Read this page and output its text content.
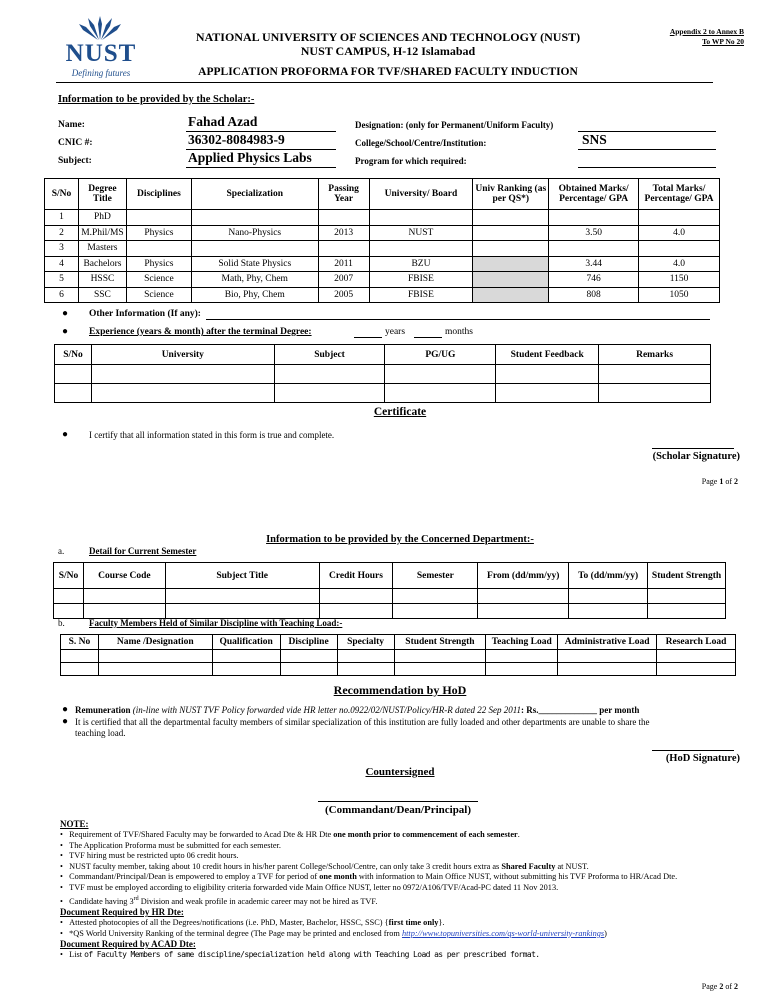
NUST
Defining futures
Appendix 2 to Annex B
To WP No 20
NATIONAL UNIVERSITY OF SCIENCES AND TECHNOLOGY (NUST)
NUST CAMPUS, H-12 Islamabad
APPLICATION PROFORMA FOR TVF/SHARED FACULTY INDUCTION
Information to be provided by the Scholar:-
Name:	Fahad Azad
CNIC #:	36302-8084983-9
Subject:	Applied Physics Labs
Designation: (only for Permanent/Uniform Faculty)
College/School/Centre/Institution:	SNS
Program for which required:
S/No	Degree Title	Disciplines	Specialization	Passing Year	University/ Board	Univ Ranking (as per QS*)	Obtained Marks/ Percentage/ GPA	Total Marks/ Percentage/ GPA
1	PhD							
2	M.Phil/MS	Physics	Nano-Physics	2013	NUST		3.50	4.0
3	Masters							
4	Bachelors	Physics	Solid State Physics	2011	BZU		3.44	4.0
5	HSSC	Science	Math, Phy, Chem	2007	FBISE		746	1150
6	SSC	Science	Bio, Phy, Chem	2005	FBISE		808	1050
● Other Information (If any):
● Experience (years & month) after the terminal Degree:	years	months
S/No	University	Subject	PG/UG	Student Feedback	Remarks

Certificate
● I certify that all information stated in this form is true and complete.
(Scholar Signature)
Page 1 of 2
Information to be provided by the Concerned Department:-
a.	Detail for Current Semester
S/No	Course Code	Subject Title	Credit Hours	Semester	From (dd/mm/yy)	To (dd/mm/yy)	Student Strength

b.	Faculty Members Held of Similar Discipline with Teaching Load:-
S. No	Name /Designation	Qualification	Discipline	Specialty	Student Strength	Teaching Load	Administrative Load	Research Load

Recommendation by HoD
● Remuneration (in-line with NUST TVF Policy forwarded vide HR letter no.0922/02/NUST/Policy/HR-R dated 22 Sep 2011: Rs._____________ per month
● It is certified that all the departmental faculty members of similar specialization of this institution are fully loaded and other departments are unable to share the
teaching load.
(HoD Signature)
Countersigned
(Commandant/Dean/Principal)
NOTE:
•   Requirement of TVF/Shared Faculty may be forwarded to Acad Dte & HR Dte one month prior to commencement of each semester.
•   The Application Proforma must be submitted for each semester.
•   TVF hiring must be restricted upto 06 credit hours.
•   NUST faculty member, taking about 10 credit hours in his/her parent College/School/Centre, can only take 3 credit hours extra as Shared Faculty at NUST.
•   Commandant/Principal/Dean is empowered to employ a TVF for period of one month with information to Main Office NUST, without submitting his TVF Proforma to HR/Acad Dte.
•   TVF must be employed according to eligibility criteria forwarded vide Main Office NUST, letter no 0972/A106/TVF/Acad-PC dated 11 Nov 2013.
•   Candidate having 3rd Division and weak profile in academic career may not be hired as TVF.
Document Required by HR Dte:
•   Attested photocopies of all the Degrees/notifications (i.e. PhD, Master, Bachelor, HSSC, SSC) {first time only}.
•   *QS World University Ranking of the terminal degree (The Page may be printed and enclosed from http://www.topuniversities.com/qs-world-university-rankings)
Document Required by ACAD Dte:
•   List of Faculty Members of same discipline/specialization held along with Teaching Load as per prescribed format.
Page 2 of 2
